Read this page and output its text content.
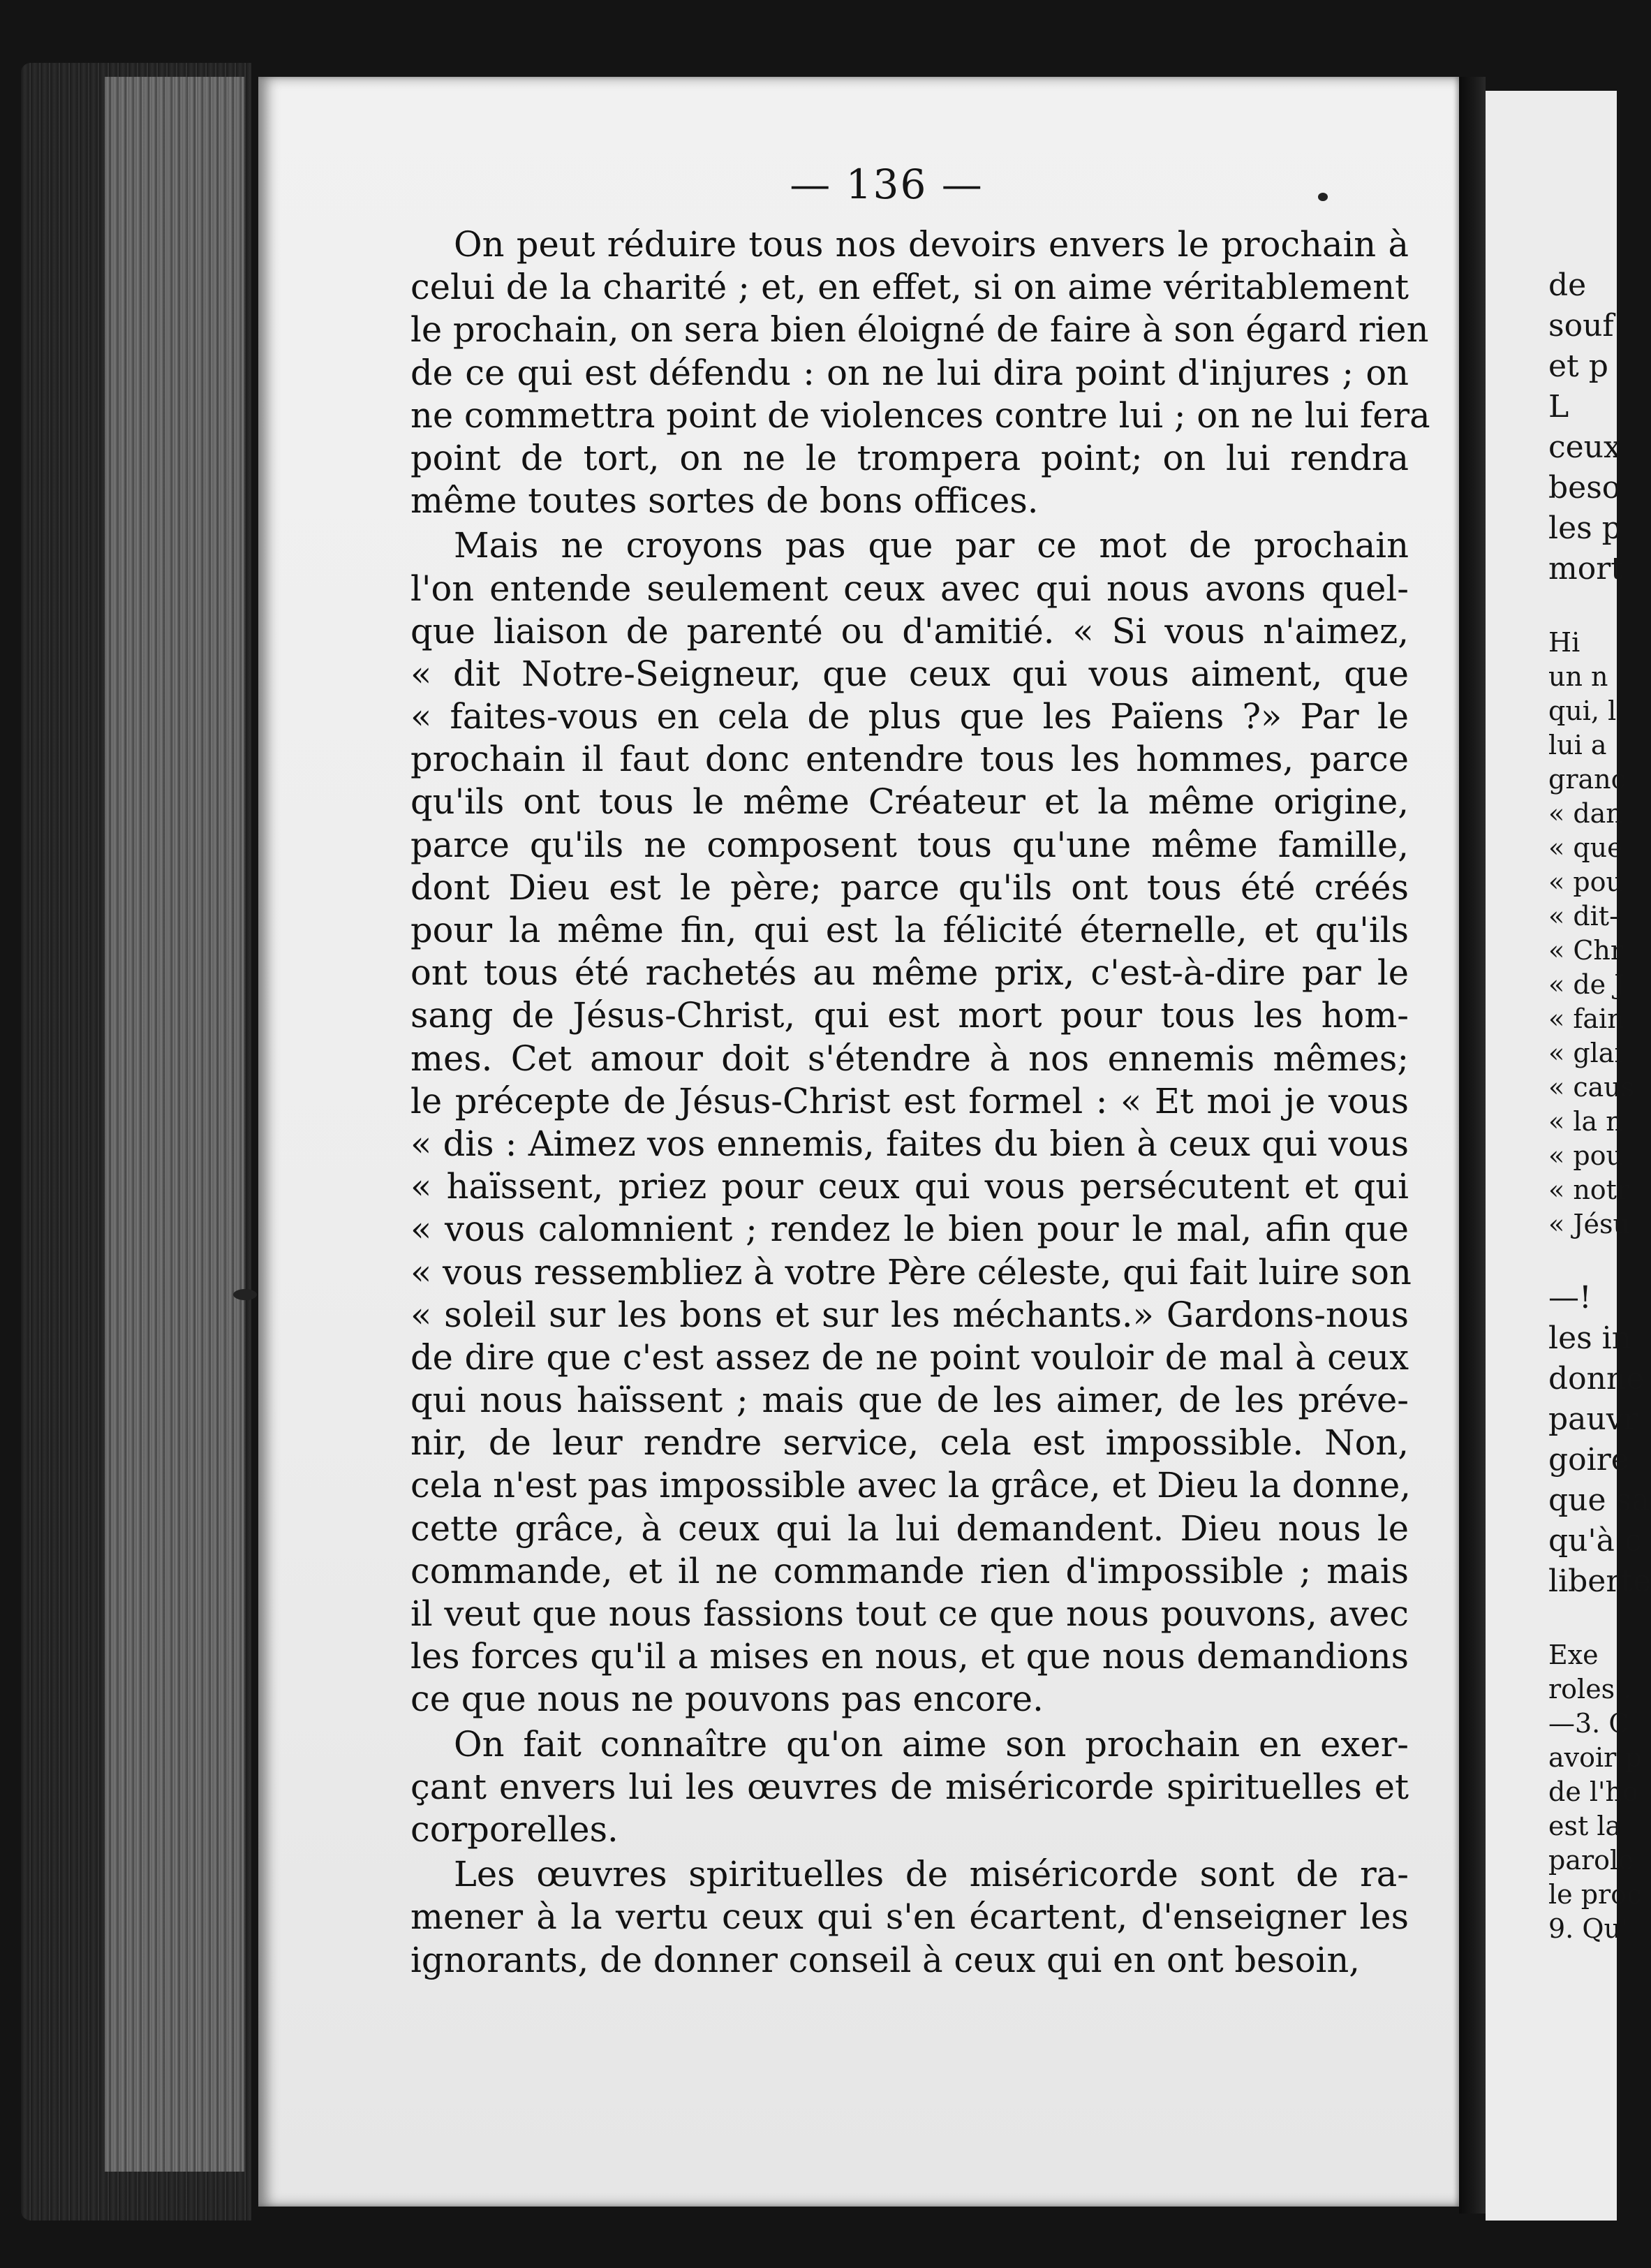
de
souf
et p
L
ceux
beso
les p
mort
Hi
un n
qui, l
lui a
granc
« dan
« que
« pou
« dit-
« Chr
« de J
« fain
« glai
« caus
« la n
« pou
« notr
« Jésu
—!
les in
donne
pauvr
goire
que sa
qu'à c
liberte
Exe
roles .
—3. C
avoir p
de l'ho
est la
parole
le proc
9. Qu'
— 136 —
On peut réduire tous nos devoirs envers le prochain à
celui de la charité ; et, en effet, si on aime véritablement
le prochain, on sera bien éloigné de faire à son égard rien
de ce qui est défendu : on ne lui dira point d'injures ; on
ne commettra point de violences contre lui ; on ne lui fera
point de tort, on ne le trompera point; on lui rendra
même toutes sortes de bons offices.
Mais ne croyons pas que par ce mot de prochain
l'on entende seulement ceux avec qui nous avons quel-
que liaison de parenté ou d'amitié. « Si vous n'aimez,
« dit Notre-Seigneur, que ceux qui vous aiment, que
« faites-vous en cela de plus que les Païens ?» Par le
prochain il faut donc entendre tous les hommes, parce
qu'ils ont tous le même Créateur et la même origine,
parce qu'ils ne composent tous qu'une même famille,
dont Dieu est le père; parce qu'ils ont tous été créés
pour la même fin, qui est la félicité éternelle, et qu'ils
ont tous été rachetés au même prix, c'est-à-dire par le
sang de Jésus-Christ, qui est mort pour tous les hom-
mes. Cet amour doit s'étendre à nos ennemis mêmes;
le précepte de Jésus-Christ est formel : « Et moi je vous
« dis : Aimez vos ennemis, faites du bien à ceux qui vous
« haïssent, priez pour ceux qui vous persécutent et qui
« vous calomnient ; rendez le bien pour le mal, afin que
« vous ressembliez à votre Père céleste, qui fait luire son
« soleil sur les bons et sur les méchants.» Gardons-nous
de dire que c'est assez de ne point vouloir de mal à ceux
qui nous haïssent ; mais que de les aimer, de les préve-
nir, de leur rendre service, cela est impossible. Non,
cela n'est pas impossible avec la grâce, et Dieu la donne,
cette grâce, à ceux qui la lui demandent. Dieu nous le
commande, et il ne commande rien d'impossible ; mais
il veut que nous fassions tout ce que nous pouvons, avec
les forces qu'il a mises en nous, et que nous demandions
ce que nous ne pouvons pas encore.
On fait connaître qu'on aime son prochain en exer-
çant envers lui les œuvres de miséricorde spirituelles et
corporelles.
Les œuvres spirituelles de miséricorde sont de ra-
mener à la vertu ceux qui s'en écartent, d'enseigner les
ignorants, de donner conseil à ceux qui en ont besoin,
